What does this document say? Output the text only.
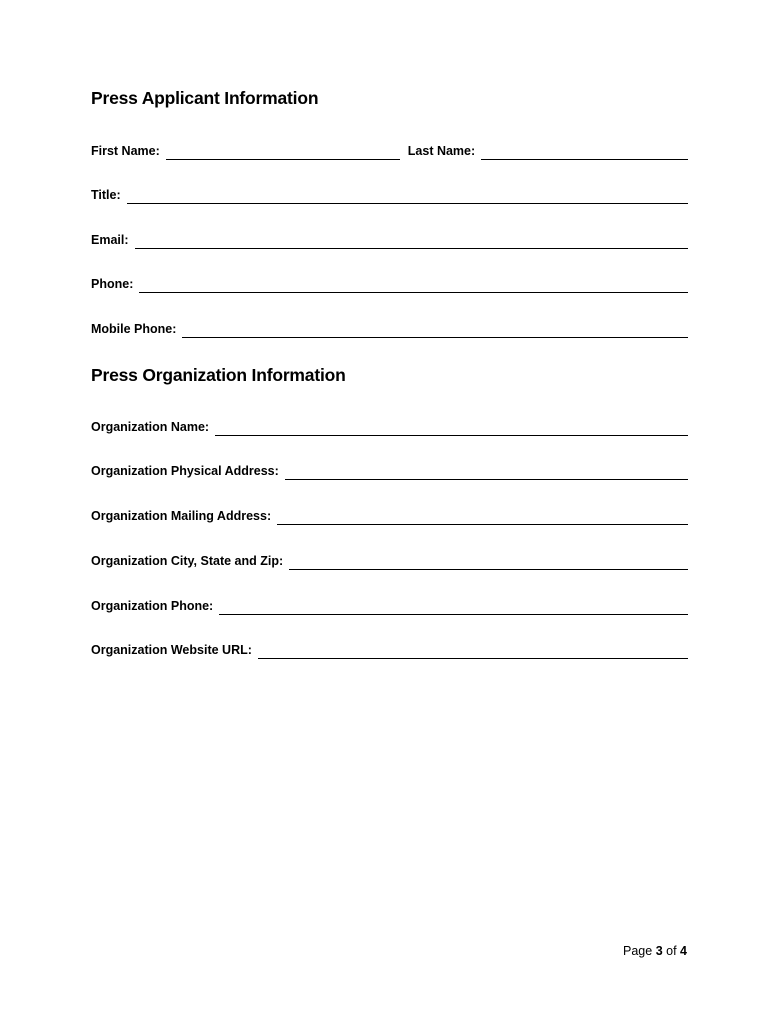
Press Applicant Information
First Name:	Last Name:
Title:
Email:
Phone:
Mobile Phone:
Press Organization Information
Organization Name:
Organization Physical Address:
Organization Mailing Address:
Organization City, State and Zip:
Organization Phone:
Organization Website URL:
Page 3 of 4
